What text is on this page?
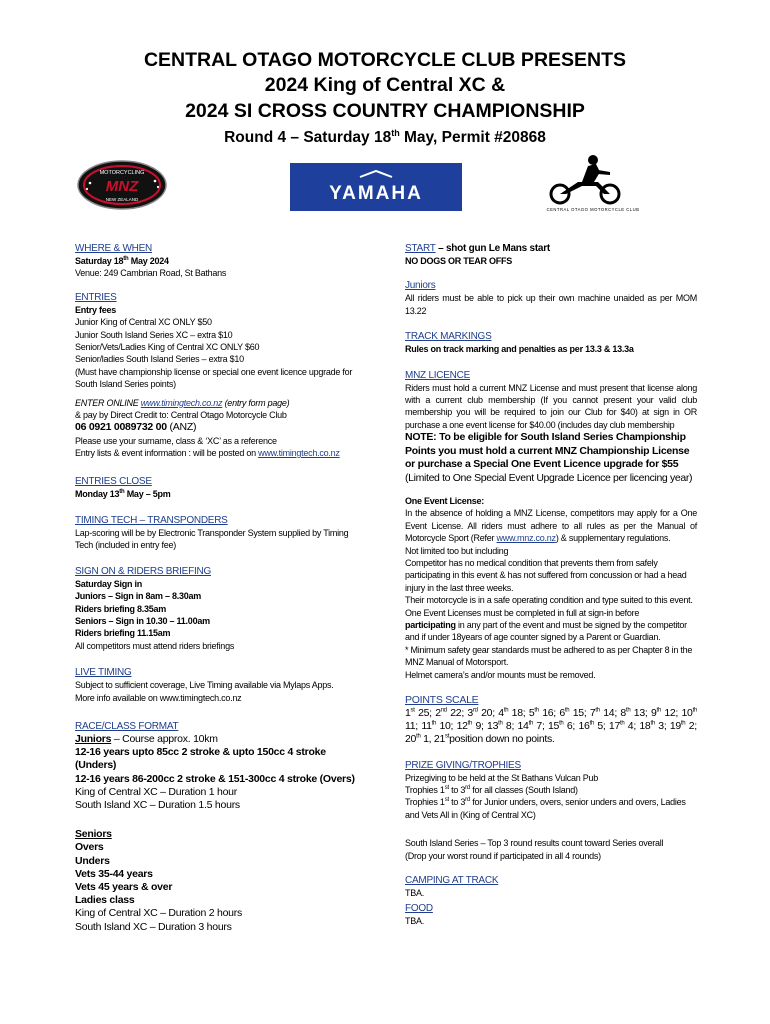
CENTRAL OTAGO MOTORCYCLE CLUB PRESENTS
2024 King of Central XC &
2024 SI CROSS COUNTRY CHAMPIONSHIP
Round 4 – Saturday 18th May, Permit #20868
MOTORCYCLING
MNZ
NEW ZEALAND	YAMAHA
CENTRAL OTAGO MOTORCYCLE CLUB
WHERE & WHEN
Saturday 18th May 2024
Venue: 249 Cambrian Road, St Bathans
ENTRIES
Entry fees
Junior King of Central XC ONLY $50
Junior South Island Series XC – extra $10
Senior/Vets/Ladies King of Central XC ONLY $60
Senior/ladies South Island Series – extra $10
(Must have championship license or special one event licence upgrade for South Island Series points)
ENTER ONLINE www.timingtech.co.nz (entry form page)
& pay by Direct Credit to: Central Otago Motorcycle Club
06 0921 0089732 00 (ANZ)
Please use your surname, class & ‘XC’ as a reference
Entry lists & event information : will be posted on www.timingtech.co.nz
ENTRIES CLOSE
Monday 13th May – 5pm
TIMING TECH – TRANSPONDERS
Lap-scoring will be by Electronic Transponder System supplied by Timing Tech (included in entry fee)
SIGN ON & RIDERS BRIEFING
Saturday Sign in
Juniors – Sign in 8am – 8.30am
Riders briefing 8.35am
Seniors – Sign in 10.30 – 11.00am
Riders briefing 11.15am
All competitors must attend riders briefings
LIVE TIMING
Subject to sufficient coverage, Live Timing available via Mylaps Apps.
More info available on www.timingtech.co.nz
RACE/CLASS FORMAT
Juniors – Course approx. 10km
12-16 years upto 85cc 2 stroke & upto 150cc 4 stroke (Unders)
12-16 years 86-200cc 2 stroke & 151-300cc 4 stroke (Overs)
King of Central XC – Duration 1 hour
South Island XC – Duration 1.5 hours
Seniors
Overs
Unders
Vets 35-44 years
Vets 45 years & over
Ladies class
King of Central XC – Duration 2 hours
South Island XC – Duration 3 hours
START – shot gun Le Mans start
NO DOGS OR TEAR OFFS
Juniors
All riders must be able to pick up their own machine unaided as per MOM 13.22
TRACK MARKINGS
Rules on track marking and penalties as per 13.3 & 13.3a
MNZ LICENCE
Riders must hold a current MNZ License and must present that license along with a current club membership (If you cannot present your valid club membership you will be required to join our Club for $40) at sign in OR purchase a one event license for $40.00 (includes day club membership
NOTE: To be eligible for South Island Series Championship Points you must hold a current MNZ Championship License or purchase a Special One Event Licence upgrade for $55
(Limited to One Special Event Upgrade Licence per licencing year)
One Event License:
In the absence of holding a MNZ License, competitors may apply for a One Event License. All riders must adhere to all rules as per the Manual of Motorcycle Sport (Refer www.mnz.co.nz) & supplementary regulations.
Not limited too but including
Competitor has no medical condition that prevents them from safely participating in this event & has not suffered from concussion or had a head injury in the last three weeks.
Their motorcycle is in a safe operating condition and type suited to this event.
One Event Licenses must be completed in full at sign-in before
participating in any part of the event and must be signed by the competitor and if under 18years of age counter signed by a Parent or Guardian.
* Minimum safety gear standards must be adhered to as per Chapter 8 in the MNZ Manual of Motorsport.
Helmet camera’s and/or mounts must be removed.
POINTS SCALE
1st 25; 2nd 22; 3rd 20; 4th 18; 5th 16; 6th 15; 7th 14; 8th 13; 9th 12; 10th 11; 11th 10; 12th 9; 13th 8; 14th 7; 15th 6; 16th 5; 17th 4; 18th 3; 19th 2; 20th 1, 21stposition down no points.
PRIZE GIVING/TROPHIES
Prizegiving to be held at the St Bathans Vulcan Pub
Trophies 1st to 3rd for all classes (South Island)
Trophies 1st to 3rd for Junior unders, overs, senior unders and overs, Ladies and Vets All in (King of Central XC)
South Island Series – Top 3 round results count toward Series overall
(Drop your worst round if participated in all 4 rounds)
CAMPING AT TRACK
TBA.
FOOD
TBA.
